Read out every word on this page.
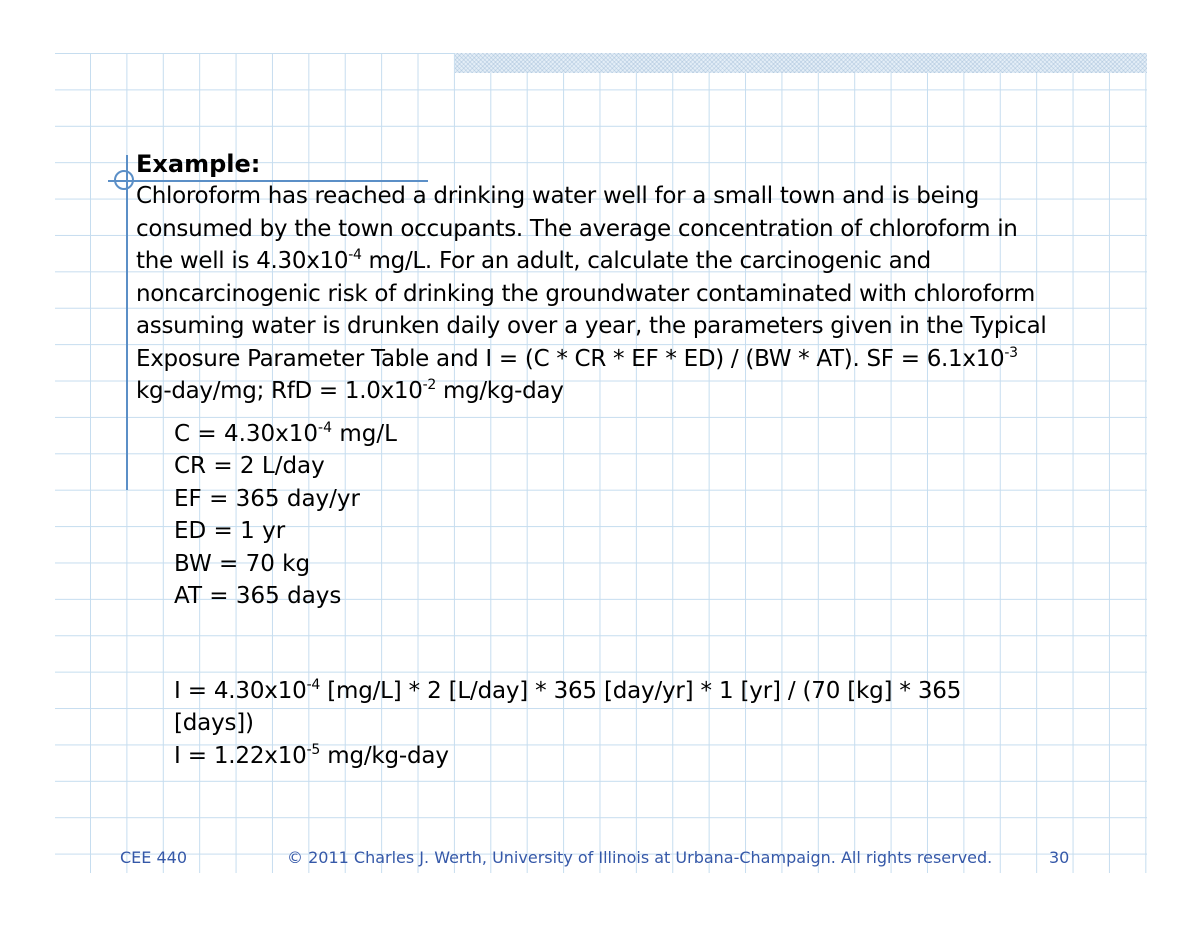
Example:

Chloroform has reached a drinking water well for a small town and is being
consumed by the town occupants. The average concentration of chloroform in
the well is $4.30x10^{-4}$ mg/L. For an adult, calculate the carcinogenic and
noncarcinogenic risk of drinking the groundwater contaminated with chloroform
assuming water is drunken daily over a year, the parameters given in the Typical
Exposure Parameter Table and I = (C * CR * EF * ED) / (BW * AT). SF = $6.1x10^{-3}$
kg-day/mg; RfD = $1.0x10^{-2}$ mg/kg-day

$C = 4.30x10^{-4}$ mg/L

CR = 2 L/day

EF = 365 day/yr

ED = 1 yr

BW = 70 kg

AT = 365 days

$I = 4.30x10^{-4}$ [mg/L] * 2 [L/day] * 365 [day/yr] * 1 [yr] / (70 [kg] * 365

[days])

$I = 1.22x10^{-5}$ mg/kg-day

CEE 440	© 2011 Charles J. Werth, University of Illinois at Urbana-Champaign. All rights reserved.	30
